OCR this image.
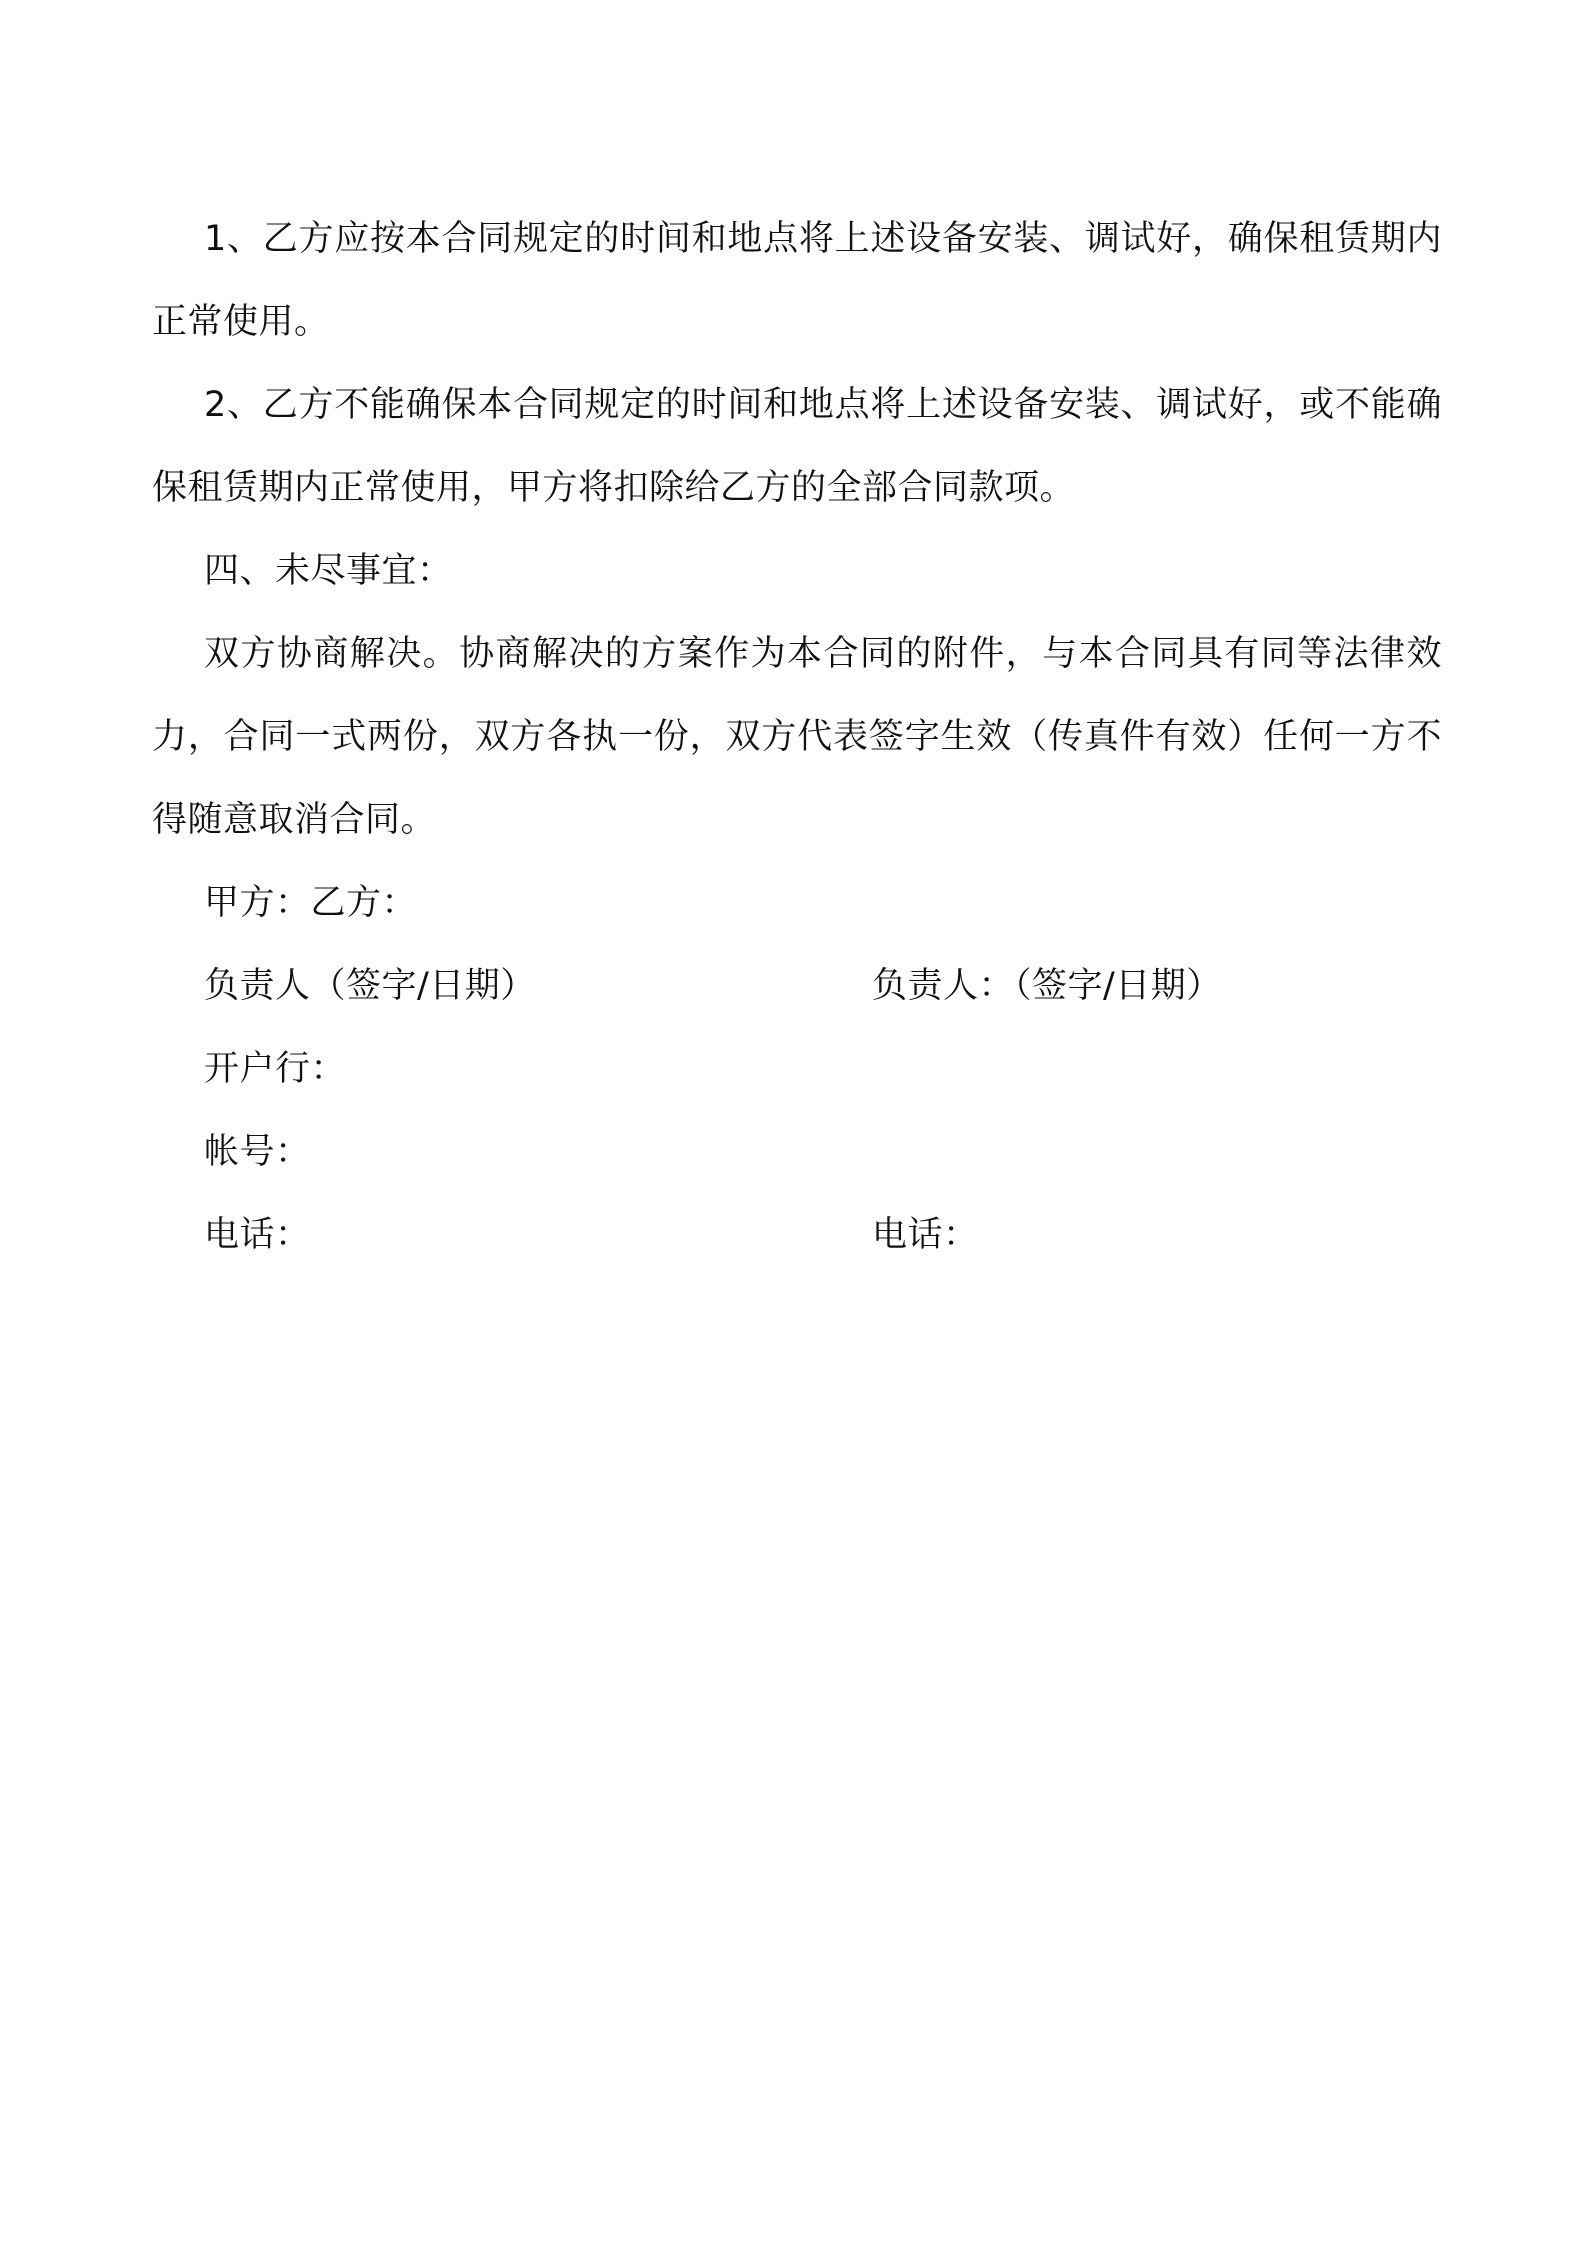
1、乙方应按本合同规定的时间和地点将上述设备安装、调试好，确保租赁期内正常使用。

2、乙方不能确保本合同规定的时间和地点将上述设备安装、调试好，或不能确保租赁期内正常使用，甲方将扣除给乙方的全部合同款项。

四、未尽事宜：

双方协商解决。协商解决的方案作为本合同的附件，与本合同具有同等法律效力，合同一式两份，双方各执一份，双方代表签字生效（传真件有效）任何一方不得随意取消合同。

甲方：乙方：
负责人（签字/日期）	负责人：（签字/日期）
开户行：
帐号：
电话：	电话：
